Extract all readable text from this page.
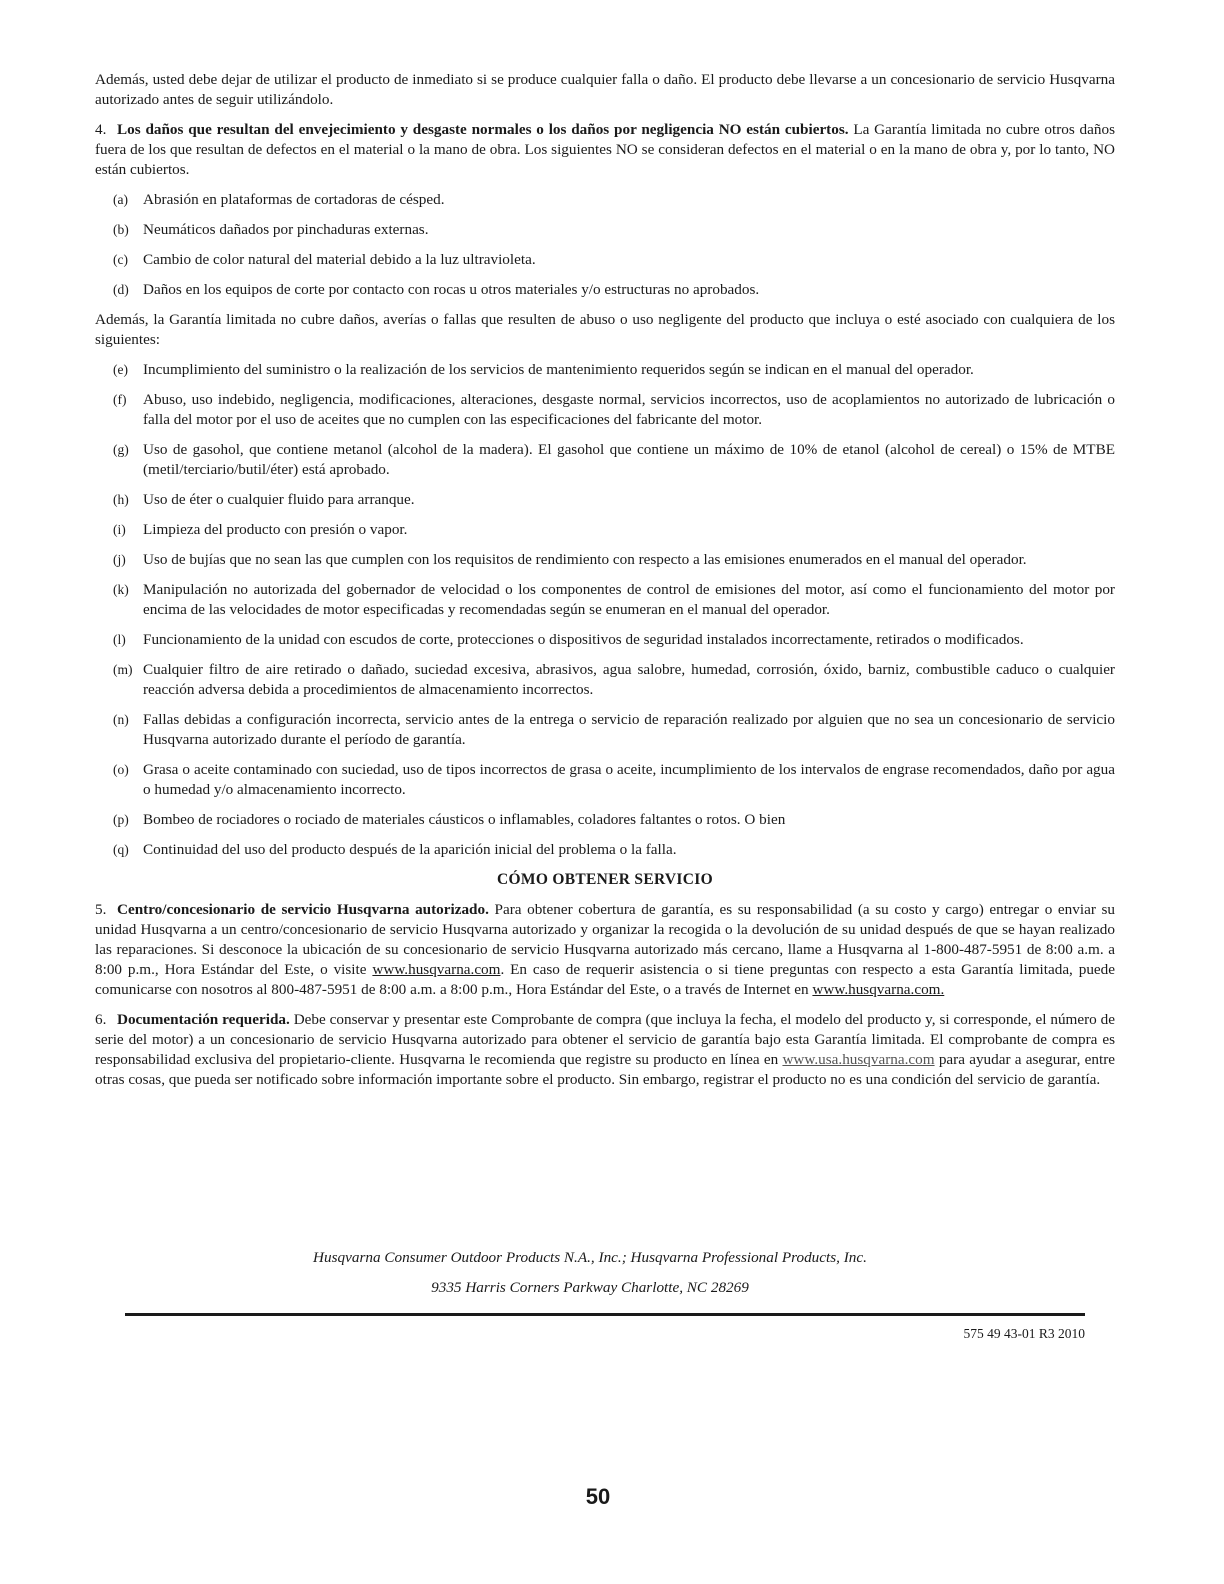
Además, usted debe dejar de utilizar el producto de inmediato si se produce cualquier falla o daño. El producto debe llevarse a un concesionario de servicio Husqvarna autorizado antes de seguir utilizándolo.

4. Los daños que resultan del envejecimiento y desgaste normales o los daños por negligencia NO están cubiertos. La Garantía limitada no cubre otros daños fuera de los que resultan de defectos en el material o la mano de obra. Los siguientes NO se consideran defectos en el material o en la mano de obra y, por lo tanto, NO están cubiertos.

(a) Abrasión en plataformas de cortadoras de césped.
(b) Neumáticos dañados por pinchaduras externas.
(c) Cambio de color natural del material debido a la luz ultravioleta.
(d) Daños en los equipos de corte por contacto con rocas u otros materiales y/o estructuras no aprobados.

Además, la Garantía limitada no cubre daños, averías o fallas que resulten de abuso o uso negligente del producto que incluya o esté asociado con cualquiera de los siguientes:

(e) Incumplimiento del suministro o la realización de los servicios de mantenimiento requeridos según se indican en el manual del operador.
(f)	Abuso, uso indebido, negligencia, modificaciones, alteraciones, desgaste normal, servicios incorrectos, uso de acoplamientos no autorizado de lubricación o falla del motor por el uso de aceites que no cumplen con las especificaciones del fabricante del motor.
(g) Uso de gasohol, que contiene metanol (alcohol de la madera). El gasohol que contiene un máximo de 10% de etanol (alcohol de cereal) o 15% de MTBE (metil/terciario/butil/éter) está aprobado.
(h) Uso de éter o cualquier fluido para arranque.
(i)	Limpieza del producto con presión o vapor.
(j)	Uso de bujías que no sean las que cumplen con los requisitos de rendimiento con respecto a las emisiones enumerados en el manual del operador.
(k) Manipulación no autorizada del gobernador de velocidad o los componentes de control de emisiones del motor, así como el funcionamiento del motor por encima de las velocidades de motor especificadas y recomendadas según se enumeran en el manual del operador.
(l)	Funcionamiento de la unidad con escudos de corte, protecciones o dispositivos de seguridad instalados incorrectamente, retirados o modificados.
(m) Cualquier filtro de aire retirado o dañado, suciedad excesiva, abrasivos, agua salobre, humedad, corrosión, óxido, barniz, combustible caduco o cualquier reacción adversa debida a procedimientos de almacenamiento incorrectos.
(n) Fallas debidas a configuración incorrecta, servicio antes de la entrega o servicio de reparación realizado por alguien que no sea un concesionario de servicio Husqvarna autorizado durante el período de garantía.
(o) Grasa o aceite contaminado con suciedad, uso de tipos incorrectos de grasa o aceite, incumplimiento de los intervalos de engrase recomendados, daño por agua o humedad y/o almacenamiento incorrecto.
(p) Bombeo de rociadores o rociado de materiales cáusticos o inflamables, coladores faltantes o rotos. O bien
(q) Continuidad del uso del producto después de la aparición inicial del problema o la falla.
CÓMO OBTENER SERVICIO

5. Centro/concesionario de servicio Husqvarna autorizado. Para obtener cobertura de garantía, es su responsabilidad (a su costo y cargo) entregar o enviar su unidad Husqvarna a un centro/concesionario de servicio Husqvarna autorizado y organizar la recogida o la devolución de su unidad después de que se hayan realizado las reparaciones. Si desconoce la ubicación de su concesionario de servicio Husqvarna autorizado más cercano, llame a Husqvarna al 1-800-487-5951 de 8:00 a.m. a 8:00 p.m., Hora Estándar del Este, o visite www.husqvarna.com. En caso de requerir asistencia o si tiene preguntas con respecto a esta Garantía limitada, puede comunicarse con nosotros al 800-487-5951 de 8:00 a.m. a 8:00 p.m., Hora Estándar del Este, o a través de Internet en www.husqvarna.com.

6. Documentación requerida. Debe conservar y presentar este Comprobante de compra (que incluya la fecha, el modelo del producto y, si corresponde, el número de serie del motor) a un concesionario de servicio Husqvarna autorizado para obtener el servicio de garantía bajo esta Garantía limitada. El comprobante de compra es responsabilidad exclusiva del propietario-cliente. Husqvarna le recomienda que registre su producto en línea en www.usa.husqvarna.com para ayudar a asegurar, entre otras cosas, que pueda ser notificado sobre información importante sobre el producto. Sin embargo, registrar el producto no es una condición del servicio de garantía.

Husqvarna Consumer Outdoor Products N.A., Inc.; Husqvarna Professional Products, Inc.
9335 Harris Corners Parkway Charlotte, NC 28269
575 49 43-01 R3 2010
50
